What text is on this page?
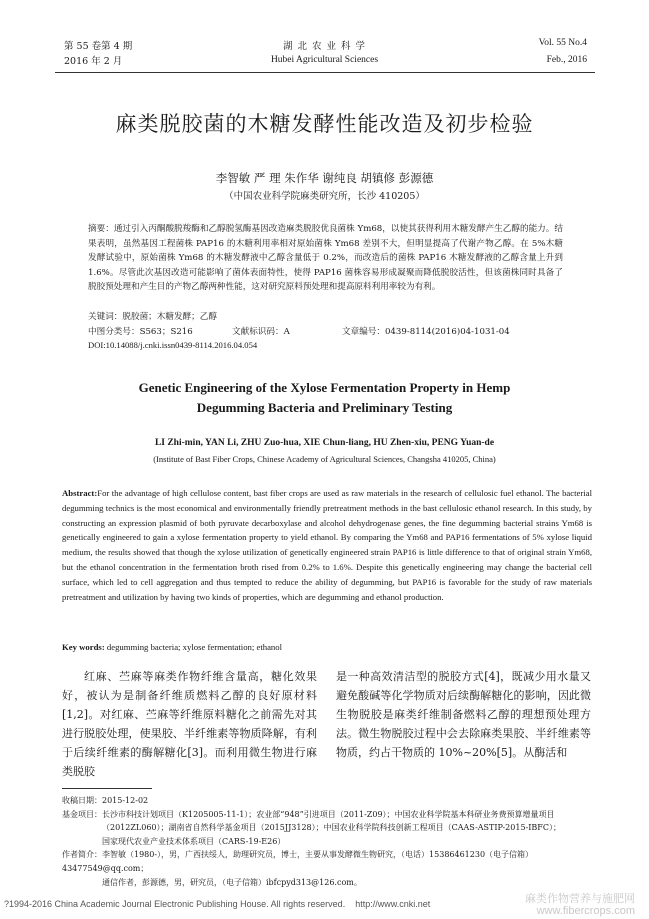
第 55 卷第 4 期
2016 年 2 月
湖 北 农 业 科 学
Hubei Agricultural Sciences
Vol. 55 No.4
Feb., 2016
麻类脱胶菌的木糖发酵性能改造及初步检验
李智敏 严 理 朱作华 谢纯良 胡镇修 彭源德
（中国农业科学院麻类研究所，长沙 410205）
摘要：通过引入丙酮酸脱羧酶和乙醇脱氢酶基因改造麻类脱胶优良菌株 Ym68，以使其获得利用木糖发酵产生乙醇的能力。结果表明，虽然基因工程菌株 PAP16 的木糖利用率相对原始菌株 Ym68 差别不大，但明显提高了代谢产物乙醇。在 5%木糖发酵试验中，原始菌株 Ym68 的木糖发酵液中乙醇含量低于 0.2%，而改造后的菌株 PAP16 木糖发酵液的乙醇含量上升到 1.6%。尽管此次基因改造可能影响了菌体表面特性，使得 PAP16 菌株容易形成凝聚而降低脱胶活性，但该菌株同时具备了脱胶预处理和产生目的产物乙醇两种性能，这对研究原料预处理和提高原料利用率较为有利。
关键词：脱胶菌；木糖发酵；乙醇
中图分类号：S563；S216	文献标识码：A	文章编号：0439-8114(2016)04-1031-04
DOI:10.14088/j.cnki.issn0439-8114.2016.04.054
Genetic Engineering of the Xylose Fermentation Property in Hemp Degumming Bacteria and Preliminary Testing
LI Zhi-min, YAN Li, ZHU Zuo-hua, XIE Chun-liang, HU Zhen-xiu, PENG Yuan-de
(Institute of Bast Fiber Crops, Chinese Academy of Agricultural Sciences, Changsha 410205, China)
Abstract:For the advantage of high cellulose content, bast fiber crops are used as raw materials in the research of cellulosic fuel ethanol. The bacterial degumming technics is the most economical and environmentally friendly pretreatment methods in the bast cellulosic ethanol research. In this study, by constructing an expression plasmid of both pyruvate decarboxylase and alcohol dehydrogenase genes, the fine degumming bacterial strains Ym68 is genetically engineered to gain a xylose fermentation property to yield ethanol. By comparing the Ym68 and PAP16 fermentations of 5% xylose liquid medium, the results showed that though the xylose utilization of genetically engineered strain PAP16 is little difference to that of original strain Ym68, but the ethanol concentration in the fermentation broth rised from 0.2% to 1.6%. Despite this genetically engineering may change the bacterial cell surface, which led to cell aggregation and thus tempted to reduce the ability of degumming, but PAP16 is favorable for the study of raw materials pretreatment and utilization by having two kinds of properties, which are degumming and ethanol production.
Key words: degumming bacteria; xylose fermentation; ethanol
红麻、苎麻等麻类作物纤维含量高，糖化效果好，被认为是制备纤维质燃料乙醇的良好原材料[1,2]。对红麻、苎麻等纤维原料糖化之前需先对其进行脱胶处理，使果胶、半纤维素等物质降解，有利于后续纤维素的酶解糖化[3]。而利用微生物进行麻类脱胶
是一种高效清洁型的脱胶方式[4]，既减少用水量又避免酸碱等化学物质对后续酶解糖化的影响，因此微生物脱胶是麻类纤维制备燃料乙醇的理想预处理方法。微生物脱胶过程中会去除麻类果胶、半纤维素等物质，约占干物质的 10%~20%[5]。从酶活和
收稿日期：2015-12-02
基金项目：长沙市科技计划项目（K1205005-11-1）；农业部“948”引进项目（2011-Z09）；中国农业科学院基本科研业务费预算增量项目
（2012ZL060）；湖南省自然科学基金项目（2015JJ3128）；中国农业科学院科技创新工程项目（CAAS-ASTIP-2015-IBFC）；
国家现代农业产业技术体系项目（CARS-19-E26）
作者简介：李智敏（1980-），男，广西扶绥人，助理研究员，博士，主要从事发酵微生物研究，（电话）15386461230（电子信箱）43477549@qq.com；
通信作者，彭源德，男，研究员，（电子信箱）ibfcpyd313@126.com。
?1994-2016 China Academic Journal Electronic Publishing House. All rights reserved.    http://www.cnki.net	麻类作物营养与施肥网
www.fibercrops.com
